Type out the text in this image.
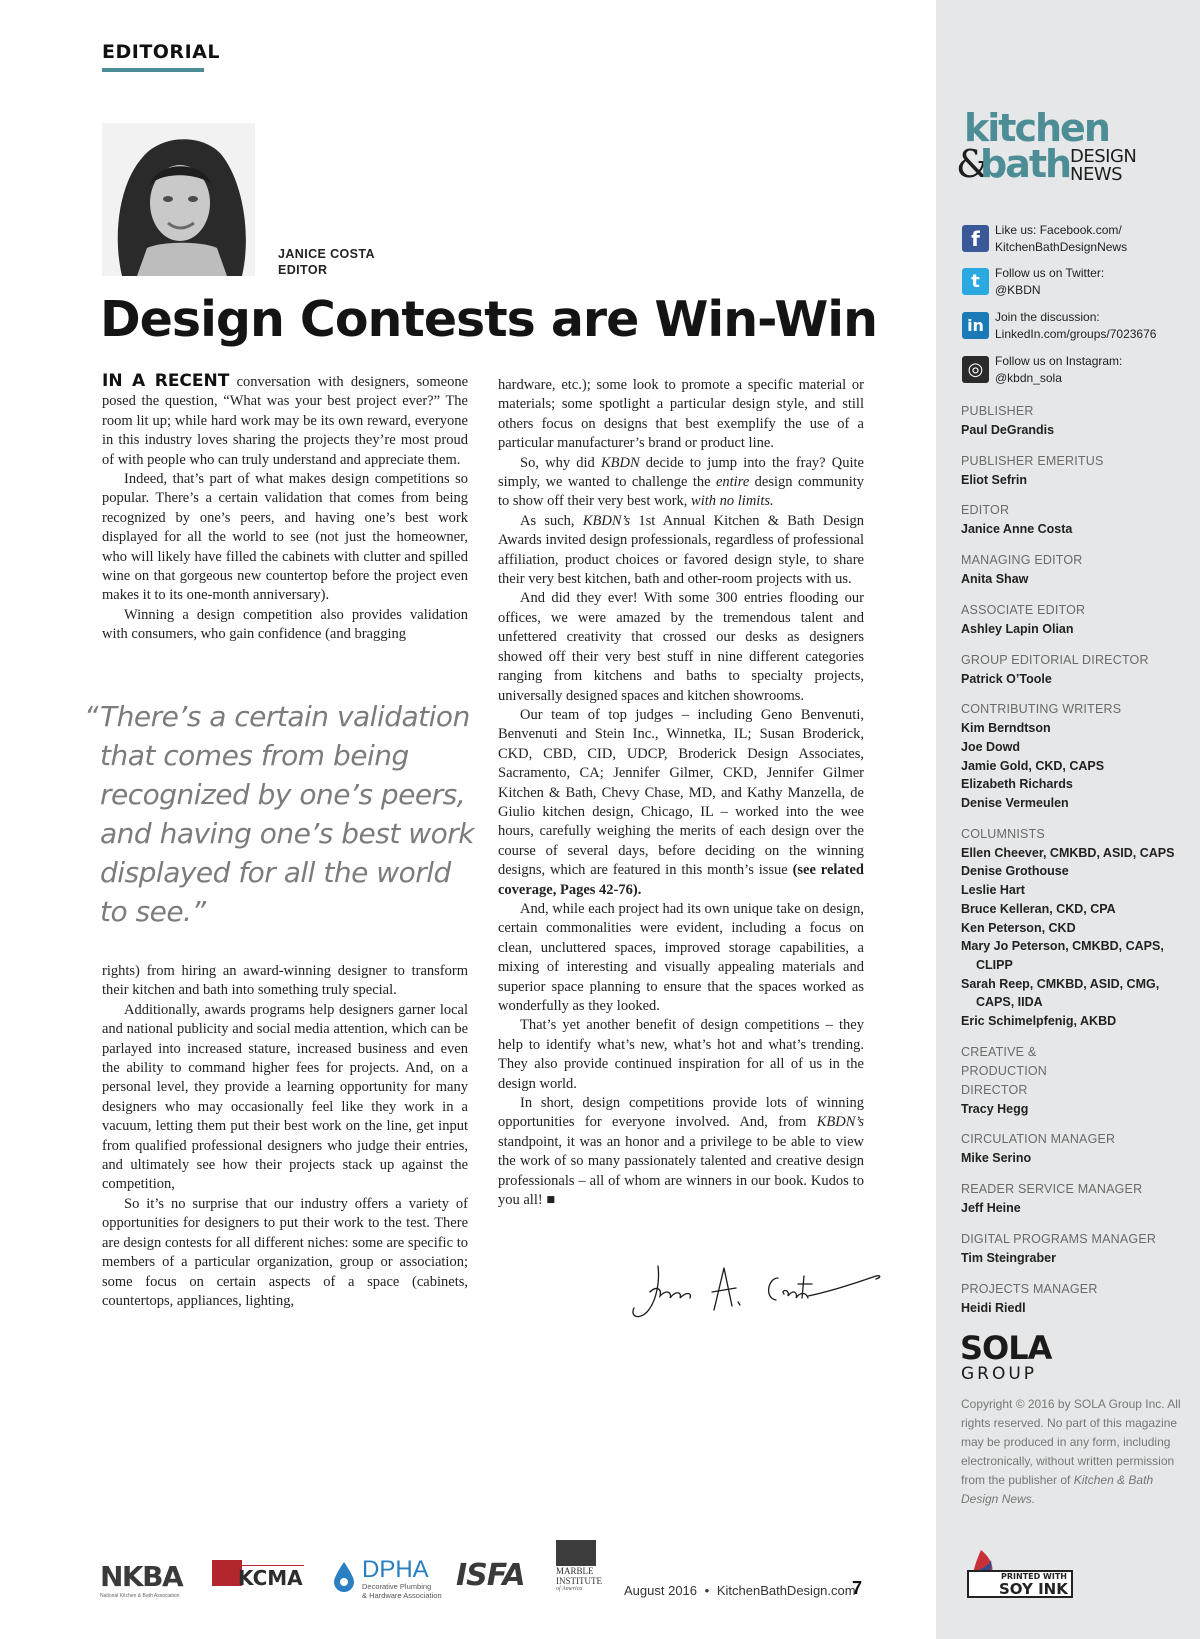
EDITORIAL
JANICE COSTA
EDITOR
Design Contests are Win-Win

IN A RECENT conversation with designers, someone posed the question, “What was your best project ever?” The room lit up; while hard work may be its own reward, everyone in this industry loves sharing the projects they’re most proud of with people who can truly understand and appreciate them.

Indeed, that’s part of what makes design competitions so popular. There’s a certain validation that comes from being recognized by one’s peers, and having one’s best work displayed for all the world to see (not just the homeowner, who will likely have filled the cabinets with clutter and spilled wine on that gorgeous new countertop before the project even makes it to its one-month anniversary).

Winning a design competition also provides validation with consumers, who gain confidence (and bragging

“ There’s a certain validation
that comes from being
recognized by one’s peers,
and having one’s best work
displayed for all the world
to see.”

rights) from hiring an award-winning designer to transform their kitchen and bath into something truly special.

Additionally, awards programs help designers garner local and national publicity and social media attention, which can be parlayed into increased stature, increased business and even the ability to command higher fees for projects. And, on a personal level, they provide a learning opportunity for many designers who may occasionally feel like they work in a vacuum, letting them put their best work on the line, get input from qualified professional designers who judge their entries, and ultimately see how their projects stack up against the competition,

So it’s no surprise that our industry offers a variety of opportunities for designers to put their work to the test. There are design contests for all different niches: some are specific to members of a particular organization, group or association; some focus on certain aspects of a space (cabinets, countertops, appliances, lighting,

hardware, etc.); some look to promote a specific material or materials; some spotlight a particular design style, and still others focus on designs that best exemplify the use of a particular manufacturer’s brand or product line.

So, why did KBDN decide to jump into the fray? Quite simply, we wanted to challenge the entire design community to show off their very best work, with no limits.

As such, KBDN’s 1st Annual Kitchen & Bath Design Awards invited design professionals, regardless of professional affiliation, product choices or favored design style, to share their very best kitchen, bath and other-room projects with us.

And did they ever! With some 300 entries flooding our offices, we were amazed by the tremendous talent and unfettered creativity that crossed our desks as designers showed off their very best stuff in nine different categories ranging from kitchens and baths to specialty projects, universally designed spaces and kitchen showrooms.

Our team of top judges – including Geno Benvenuti, Benvenuti and Stein Inc., Winnetka, IL; Susan Broderick, CKD, CBD, CID, UDCP, Broderick Design Associates, Sacramento, CA; Jennifer Gilmer, CKD, Jennifer Gilmer Kitchen & Bath, Chevy Chase, MD, and Kathy Manzella, de Giulio kitchen design, Chicago, IL – worked into the wee hours, carefully weighing the merits of each design over the course of several days, before deciding on the winning designs, which are featured in this month’s issue (see related coverage, Pages 42-76).

And, while each project had its own unique take on design, certain commonalities were evident, including a focus on clean, uncluttered spaces, improved storage capabilities, a mixing of interesting and visually appealing materials and superior space planning to ensure that the spaces worked as wonderfully as they looked.

That’s yet another benefit of design competitions – they help to identify what’s new, what’s hot and what’s trending. They also provide continued inspiration for all of us in the design world.

In short, design competitions provide lots of winning opportunities for everyone involved. And, from KBDN’s standpoint, it was an honor and a privilege to be able to view the work of so many passionately talented and creative design professionals – all of whom are winners in our book. Kudos to you all! ■

NKBA
National Kitchen & Bath Association
KCMA DPHA
Decorative Plumbing
& Hardware Association
ISFA	MARBLE INSTITUTE
of America	August 2016 • KitchenBathDesign.com
7
kitchen
&
bath DESIGN
NEWS
f	Like us: Facebook.com/
KitchenBathDesignNews
t	Follow us on Twitter:
@KBDN
in Join the discussion:
LinkedIn.com/groups/7023676
◎ Follow us on Instagram:
@kbdn_sola
PUBLISHER
Paul DeGrandis
PUBLISHER EMERITUS
Eliot Sefrin
EDITOR
Janice Anne Costa
MANAGING EDITOR
Anita Shaw
ASSOCIATE EDITOR
Ashley Lapin Olian
GROUP EDITORIAL DIRECTOR
Patrick O’Toole
CONTRIBUTING WRITERS
Kim Berndtson
Joe Dowd
Jamie Gold, CKD, CAPS
Elizabeth Richards
Denise Vermeulen
COLUMNISTS
Ellen Cheever, CMKBD, ASID, CAPS
Denise Grothouse
Leslie Hart
Bruce Kelleran, CKD, CPA
Ken Peterson, CKD
Mary Jo Peterson, CMKBD, CAPS, CLIPP
Sarah Reep, CMKBD, ASID, CMG, CAPS, IIDA
Eric Schimelpfenig, AKBD
CREATIVE & PRODUCTION DIRECTOR
Tracy Hegg
CIRCULATION MANAGER
Mike Serino
READER SERVICE MANAGER
Jeff Heine
DIGITAL PROGRAMS MANAGER
Tim Steingraber
PROJECTS MANAGER
Heidi Riedl
SOLA
GROUP
Copyright © 2016 by SOLA Group Inc. All rights reserved. No part of this magazine may be produced in any form, including electronically, without written permission from the publisher of Kitchen & Bath Design News.
PRINTED WITH
SOY INK
